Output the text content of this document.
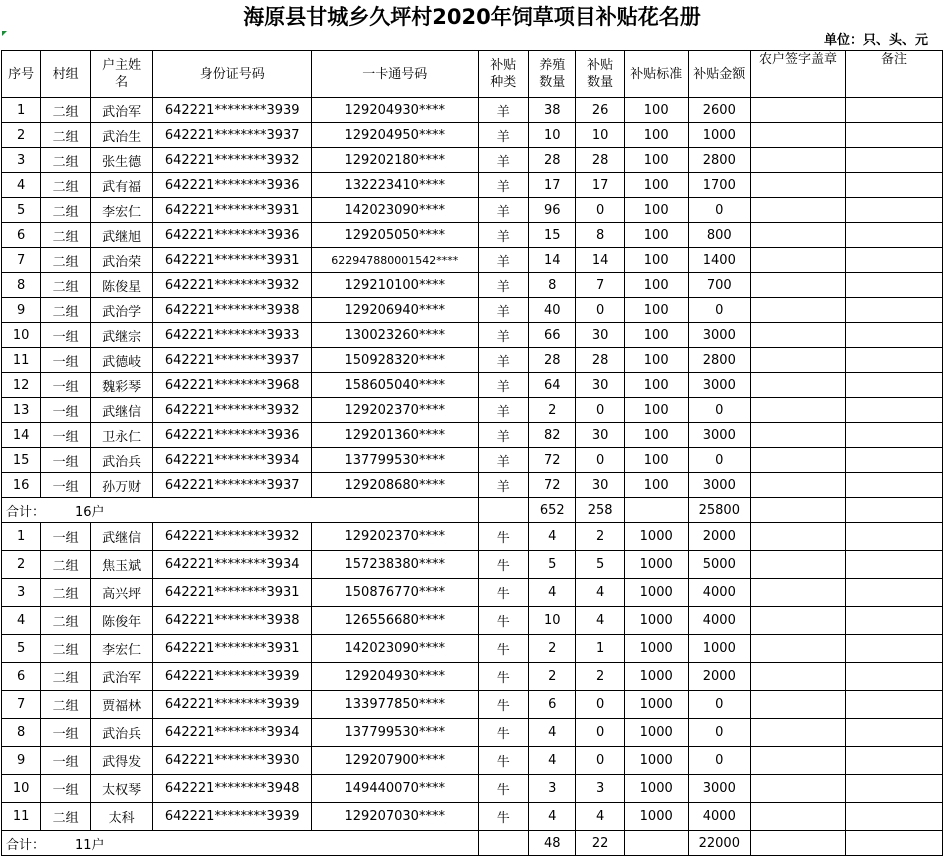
海原县甘城乡久坪村2020年饲草项目补贴花名册
单位：只、头、元
序号	村组	户主姓名	身份证号码	一卡通号码	补贴种类	养殖数量	补贴数量	补贴标准	补贴金额	农户签字盖章	备注
1	二组	武治军	642221********3939	129204930****	羊	38	26	100	2600		
2	二组	武治生	642221********3937	129204950****	羊	10	10	100	1000		
3	二组	张生德	642221********3932	129202180****	羊	28	28	100	2800		
4	二组	武有福	642221********3936	132223410****	羊	17	17	100	1700		
5	二组	李宏仁	642221********3931	142023090****	羊	96	0	100	0		
6	二组	武继旭	642221********3936	129205050****	羊	15	8	100	800		
7	二组	武治荣	642221********3931	622947880001542****	羊	14	14	100	1400		
8	二组	陈俊星	642221********3932	129210100****	羊	8	7	100	700		
9	二组	武治学	642221********3938	129206940****	羊	40	0	100	0		
10	一组	武继宗	642221********3933	130023260****	羊	66	30	100	3000		
11	一组	武德岐	642221********3937	150928320****	羊	28	28	100	2800		
12	一组	魏彩琴	642221********3968	158605040****	羊	64	30	100	3000		
13	一组	武继信	642221********3932	129202370****	羊	2	0	100	0		
14	一组	卫永仁	642221********3936	129201360****	羊	82	30	100	3000		
15	一组	武治兵	642221********3934	137799530****	羊	72	0	100	0		
16	一组	孙万财	642221********3937	129208680****	羊	72	30	100	3000		
合计： 16户						652	258		25800		
1	一组	武继信	642221********3932	129202370****	牛	4	2	1000	2000		
2	二组	焦玉斌	642221********3934	157238380****	牛	5	5	1000	5000		
3	二组	高兴坪	642221********3931	150876770****	牛	4	4	1000	4000		
4	二组	陈俊年	642221********3938	126556680****	牛	10	4	1000	4000		
5	二组	李宏仁	642221********3931	142023090****	牛	2	1	1000	1000		
6	二组	武治军	642221********3939	129204930****	牛	2	2	1000	2000		
7	二组	贾福林	642221********3939	133977850****	牛	6	0	1000	0		
8	一组	武治兵	642221********3934	137799530****	牛	4	0	1000	0		
9	一组	武得发	642221********3930	129207900****	牛	4	0	1000	0		
10	一组	太权琴	642221********3948	149440070****	牛	3	3	1000	3000		
11	二组	太科	642221********3939	129207030****	牛	4	4	1000	4000		
合计： 11户						48	22		22000		
